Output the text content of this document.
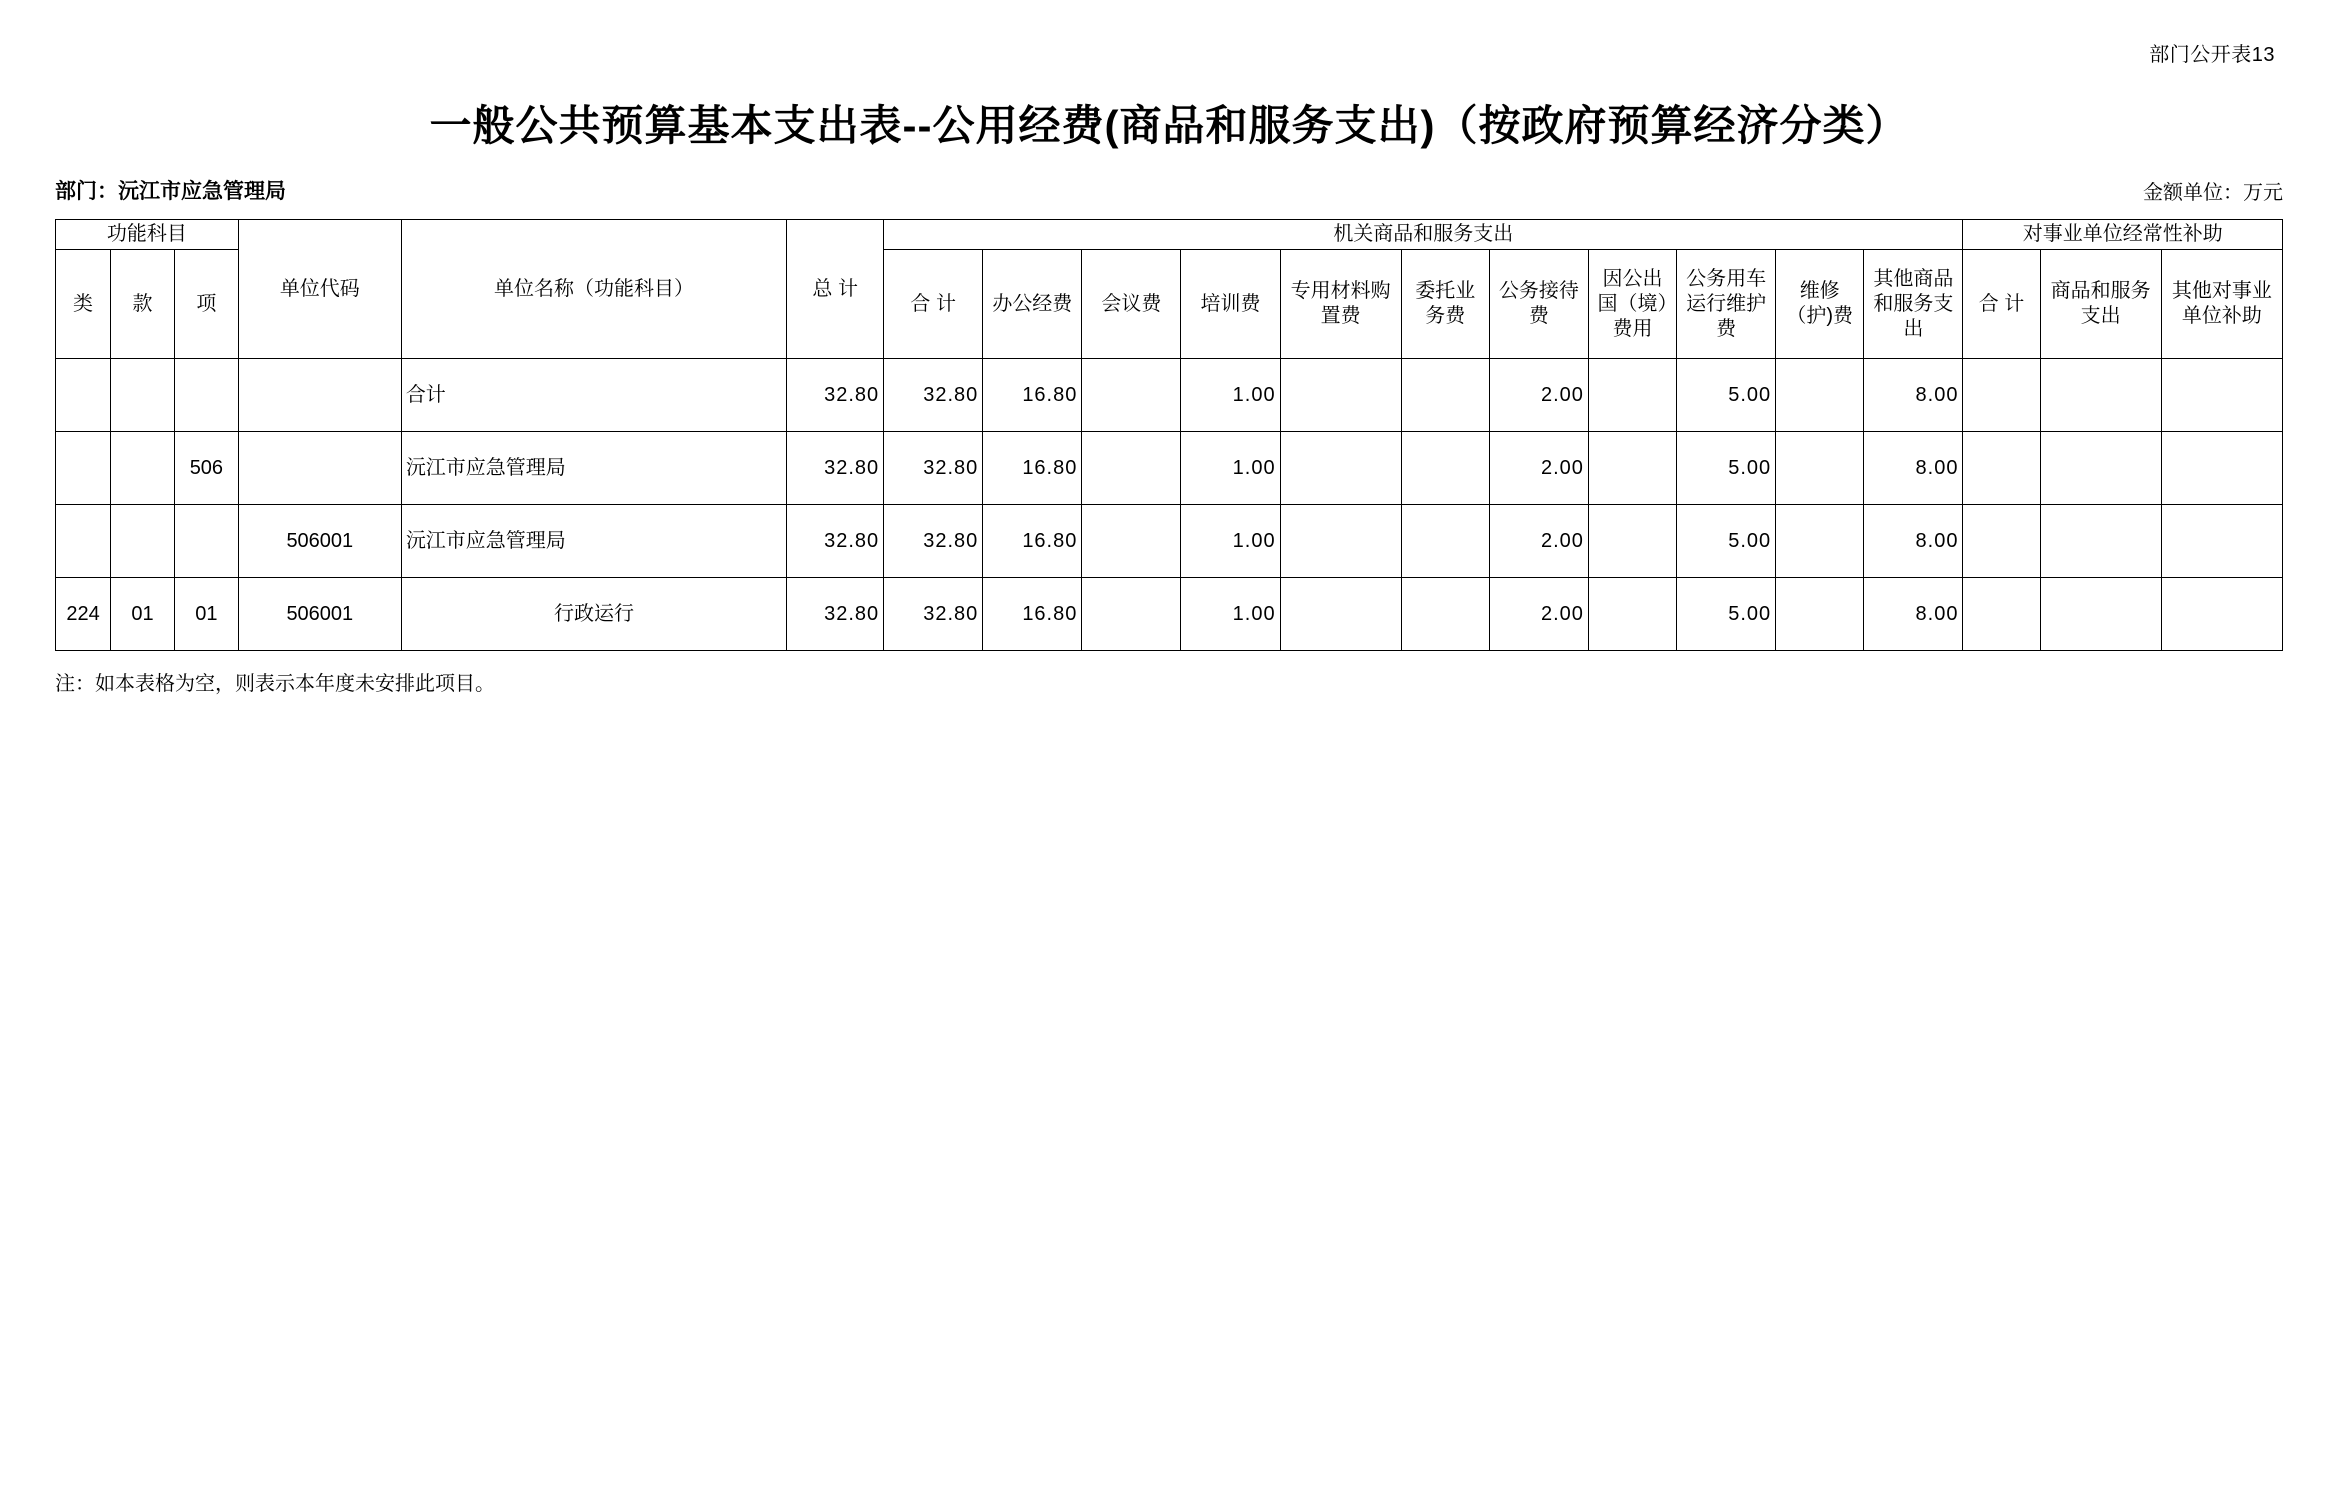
部门公开表13
一般公共预算基本支出表--公用经费(商品和服务支出)（按政府预算经济分类）
部门：沅江市应急管理局	金额单位：万元
功能科目			单位代码	单位名称（功能科目）	总 计	机关商品和服务支出											对事业单位经常性补助		
类	款	项				合 计	办公经费	会议费	培训费	专用材料购置费	委托业务费	公务接待费	因公出国（境）费用	公务用车运行维护费	维修（护)费	其他商品和服务支出	合 计	商品和服务支出	其他对事业单位补助
				合计	32.80	32.80	16.80		1.00			2.00		5.00		8.00			
		506		沅江市应急管理局	32.80	32.80	16.80		1.00			2.00		5.00		8.00			
			506001	沅江市应急管理局	32.80	32.80	16.80		1.00			2.00		5.00		8.00			
224	01	01	506001	行政运行	32.80	32.80	16.80		1.00			2.00		5.00		8.00			
注：如本表格为空，则表示本年度未安排此项目。
